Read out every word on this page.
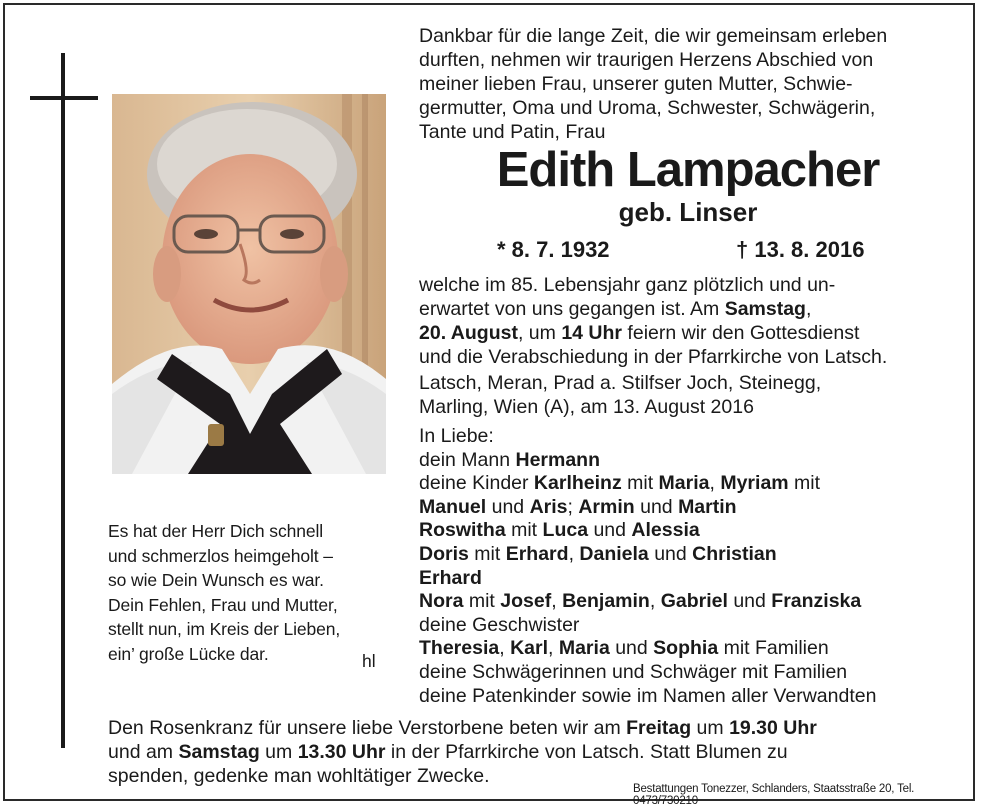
Dankbar für die lange Zeit, die wir gemeinsam erleben
durften, nehmen wir traurigen Herzens Abschied von
meiner lieben Frau, unserer guten Mutter, Schwie-
germutter, Oma und Uroma, Schwester, Schwägerin,
Tante und Patin, Frau
Edith Lampacher
geb. Linser
* 8. 7. 1932	† 13. 8. 2016
welche im 85. Lebensjahr ganz plötzlich und un-
erwartet von uns gegangen ist. Am Samstag,
20. August, um 14 Uhr feiern wir den Gottesdienst
und die Verabschiedung in der Pfarrkirche von Latsch.
Latsch, Meran, Prad a. Stilfser Joch, Steinegg,
Marling, Wien (A), am 13. August 2016
In Liebe:
dein Mann Hermann
deine Kinder Karlheinz mit Maria, Myriam mit
Manuel und Aris; Armin und Martin
Roswitha mit Luca und Alessia
Doris mit Erhard, Daniela und Christian
Erhard
Nora mit Josef, Benjamin, Gabriel und Franziska
deine Geschwister
Theresia, Karl, Maria und Sophia mit Familien
deine Schwägerinnen und Schwäger mit Familien
deine Patenkinder sowie im Namen aller Verwandten
Es hat der Herr Dich schnell
und schmerzlos heimgeholt –
so wie Dein Wunsch es war.
Dein Fehlen, Frau und Mutter,
stellt nun, im Kreis der Lieben,
ein’ große Lücke dar.	hl
Den Rosenkranz für unsere liebe Verstorbene beten wir am Freitag um 19.30 Uhr
und am Samstag um 13.30 Uhr in der Pfarrkirche von Latsch. Statt Blumen zu
spenden, gedenke man wohltätiger Zwecke.
Bestattungen Tonezzer, Schlanders, Staatsstraße 20, Tel. 0473/730210
